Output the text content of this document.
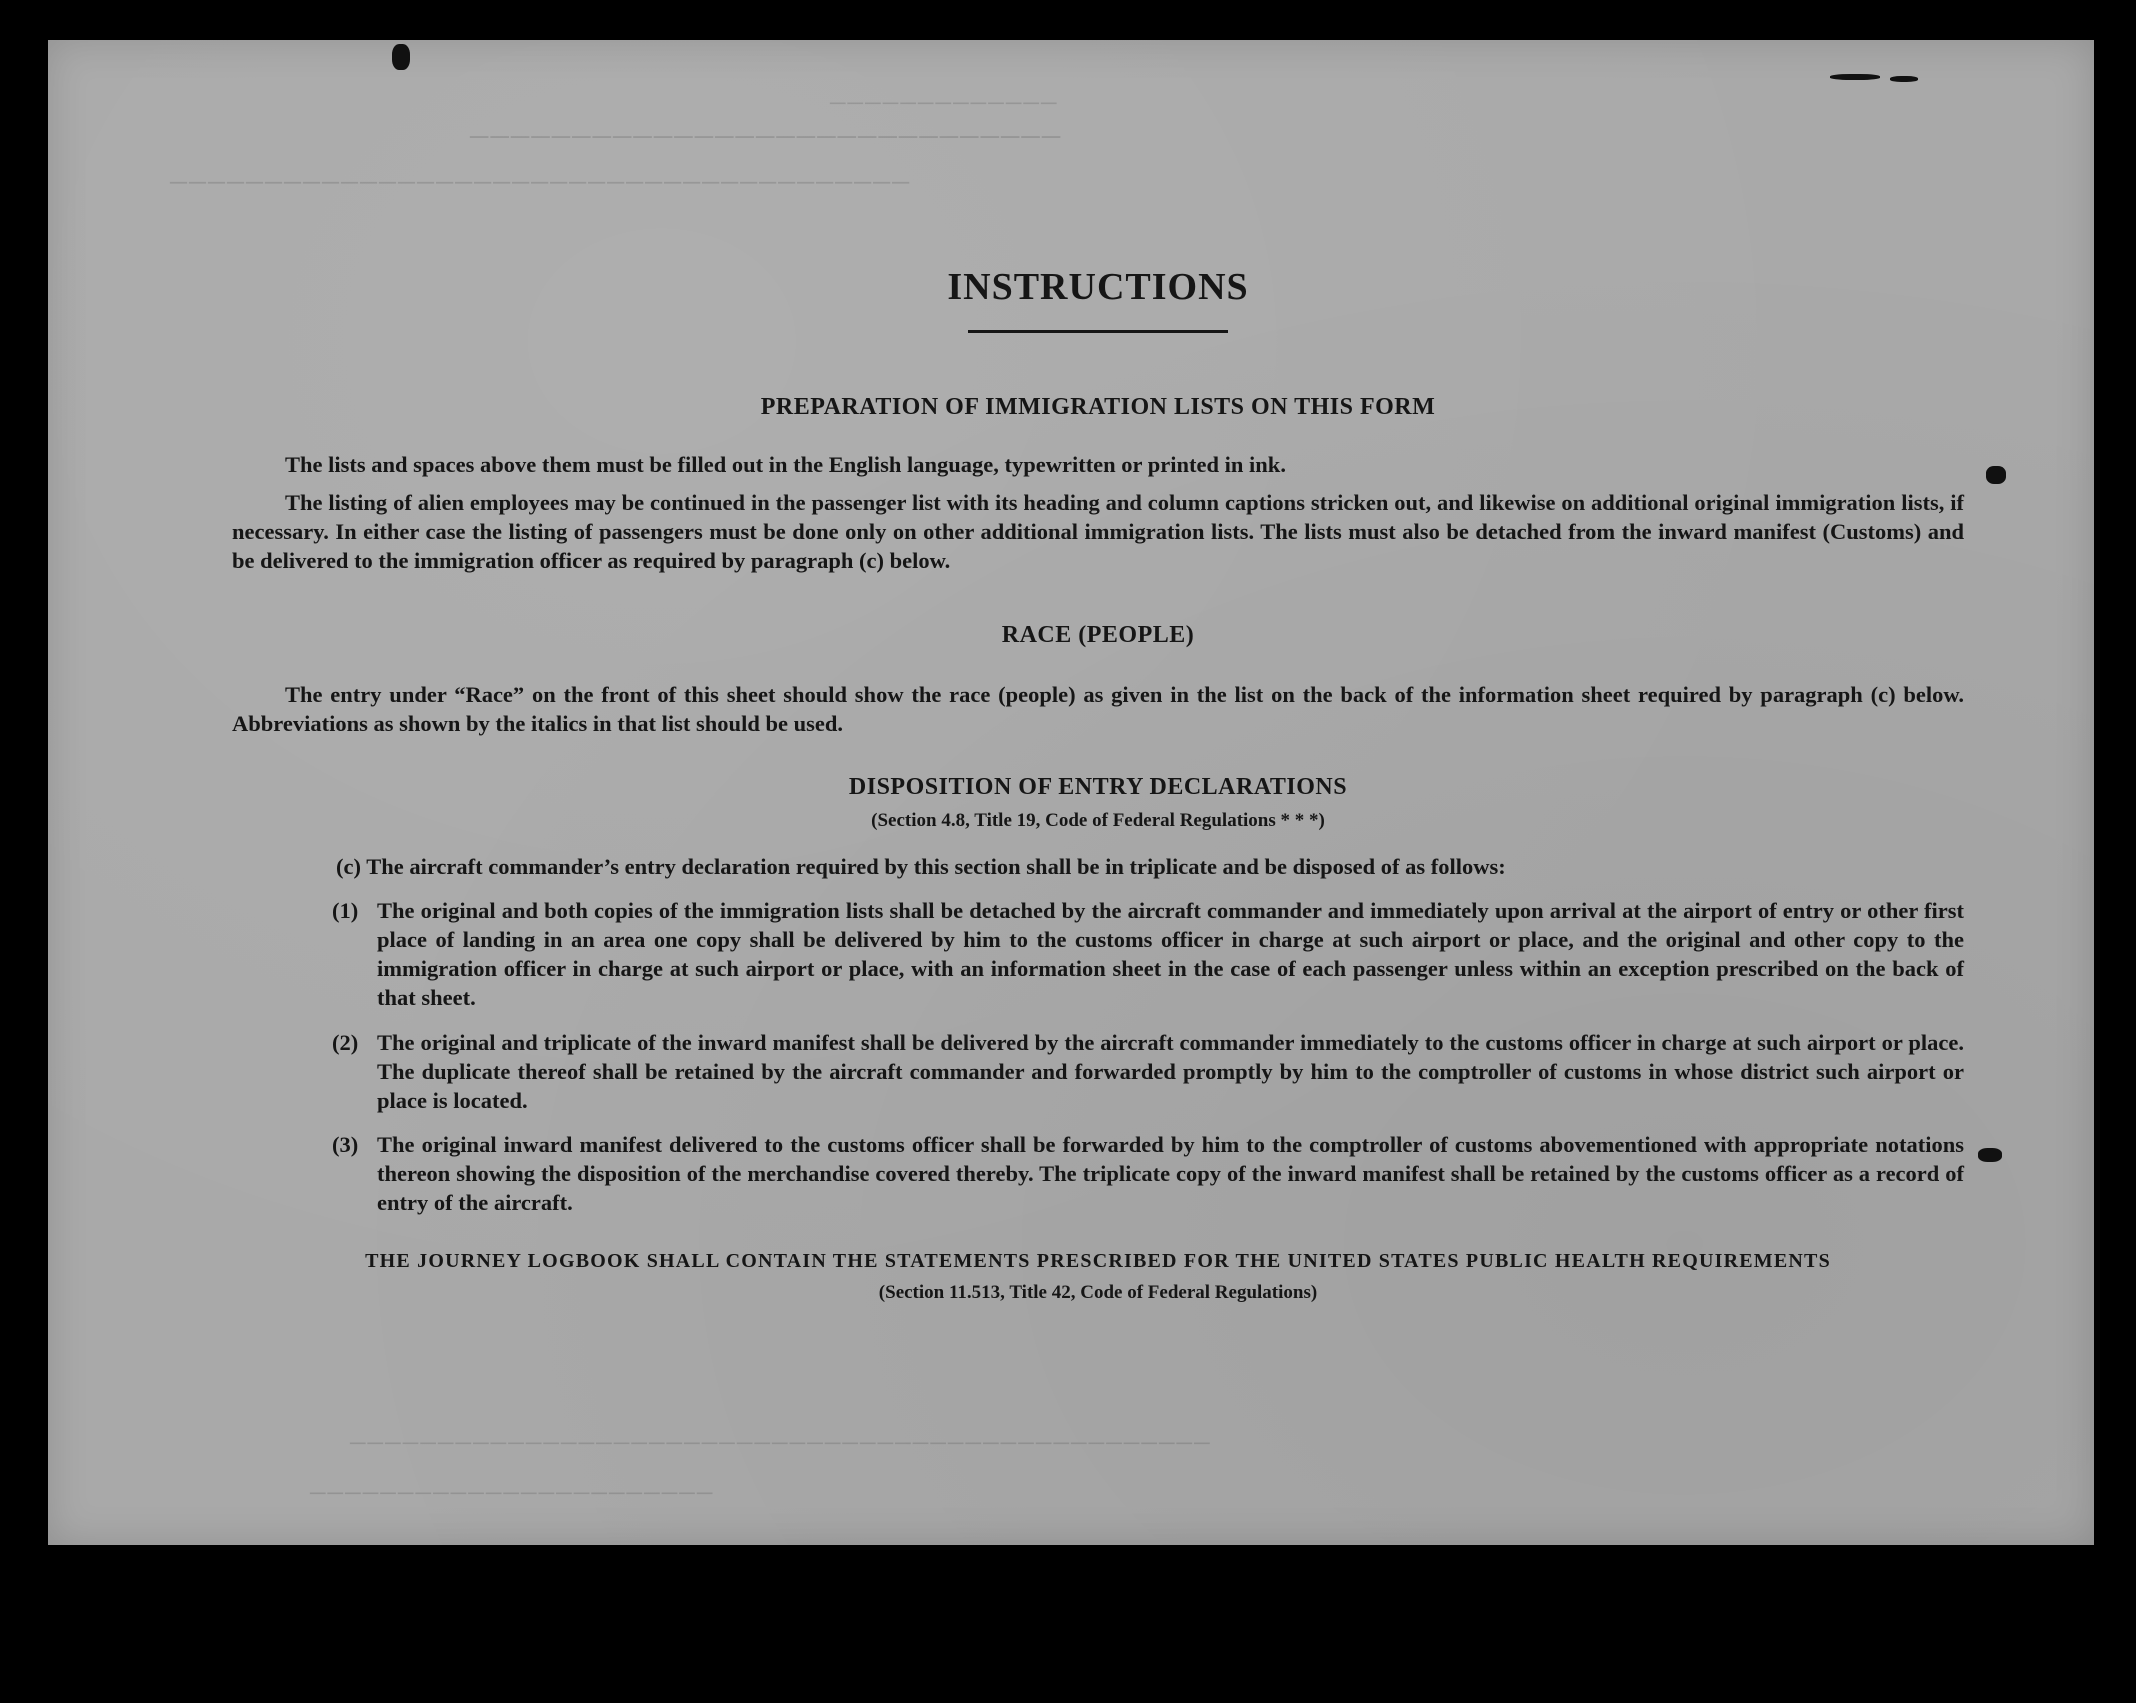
─────────────
─────────────────────────────
───────────────────────────────────────
─────────────────────────────────────────────────
───────────────────────
INSTRUCTIONS
PREPARATION OF IMMIGRATION LISTS ON THIS FORM

The lists and spaces above them must be filled out in the English language, typewritten or printed in ink.

The listing of alien employees may be continued in the passenger list with its heading and column captions stricken out, and likewise on additional original immigration lists, if necessary. In either case the listing of passengers must be done only on other additional immigration lists. The lists must also be detached from the inward manifest (Customs) and be delivered to the immigration officer as required by paragraph (c) below.

RACE (PEOPLE)

The entry under “Race” on the front of this sheet should show the race (people) as given in the list on the back of the information sheet required by paragraph (c) below. Abbreviations as shown by the italics in that list should be used.

DISPOSITION OF ENTRY DECLARATIONS

(Section 4.8, Title 19, Code of Federal Regulations * * *)

(c) The aircraft commander’s entry declaration required by this section shall be in triplicate and be disposed of as follows:

(1) The original and both copies of the immigration lists shall be detached by the aircraft commander and immediately upon arrival at the airport of entry or other first place of landing in an area one copy shall be delivered by him to the customs officer in charge at such airport or place, and the original and other copy to the immigration officer in charge at such airport or place, with an information sheet in the case of each passenger unless within an exception prescribed on the back of that sheet.
(2) The original and triplicate of the inward manifest shall be delivered by the aircraft commander immediately to the customs officer in charge at such airport or place. The duplicate thereof shall be retained by the aircraft commander and forwarded promptly by him to the comptroller of customs in whose district such airport or place is located.
(3) The original inward manifest delivered to the customs officer shall be forwarded by him to the comptroller of customs abovementioned with appropriate notations thereon showing the disposition of the merchandise covered thereby. The triplicate copy of the inward manifest shall be retained by the customs officer as a record of entry of the aircraft.

THE JOURNEY LOGBOOK SHALL CONTAIN THE STATEMENTS PRESCRIBED FOR THE UNITED STATES PUBLIC HEALTH REQUIREMENTS

(Section 11.513, Title 42, Code of Federal Regulations)
